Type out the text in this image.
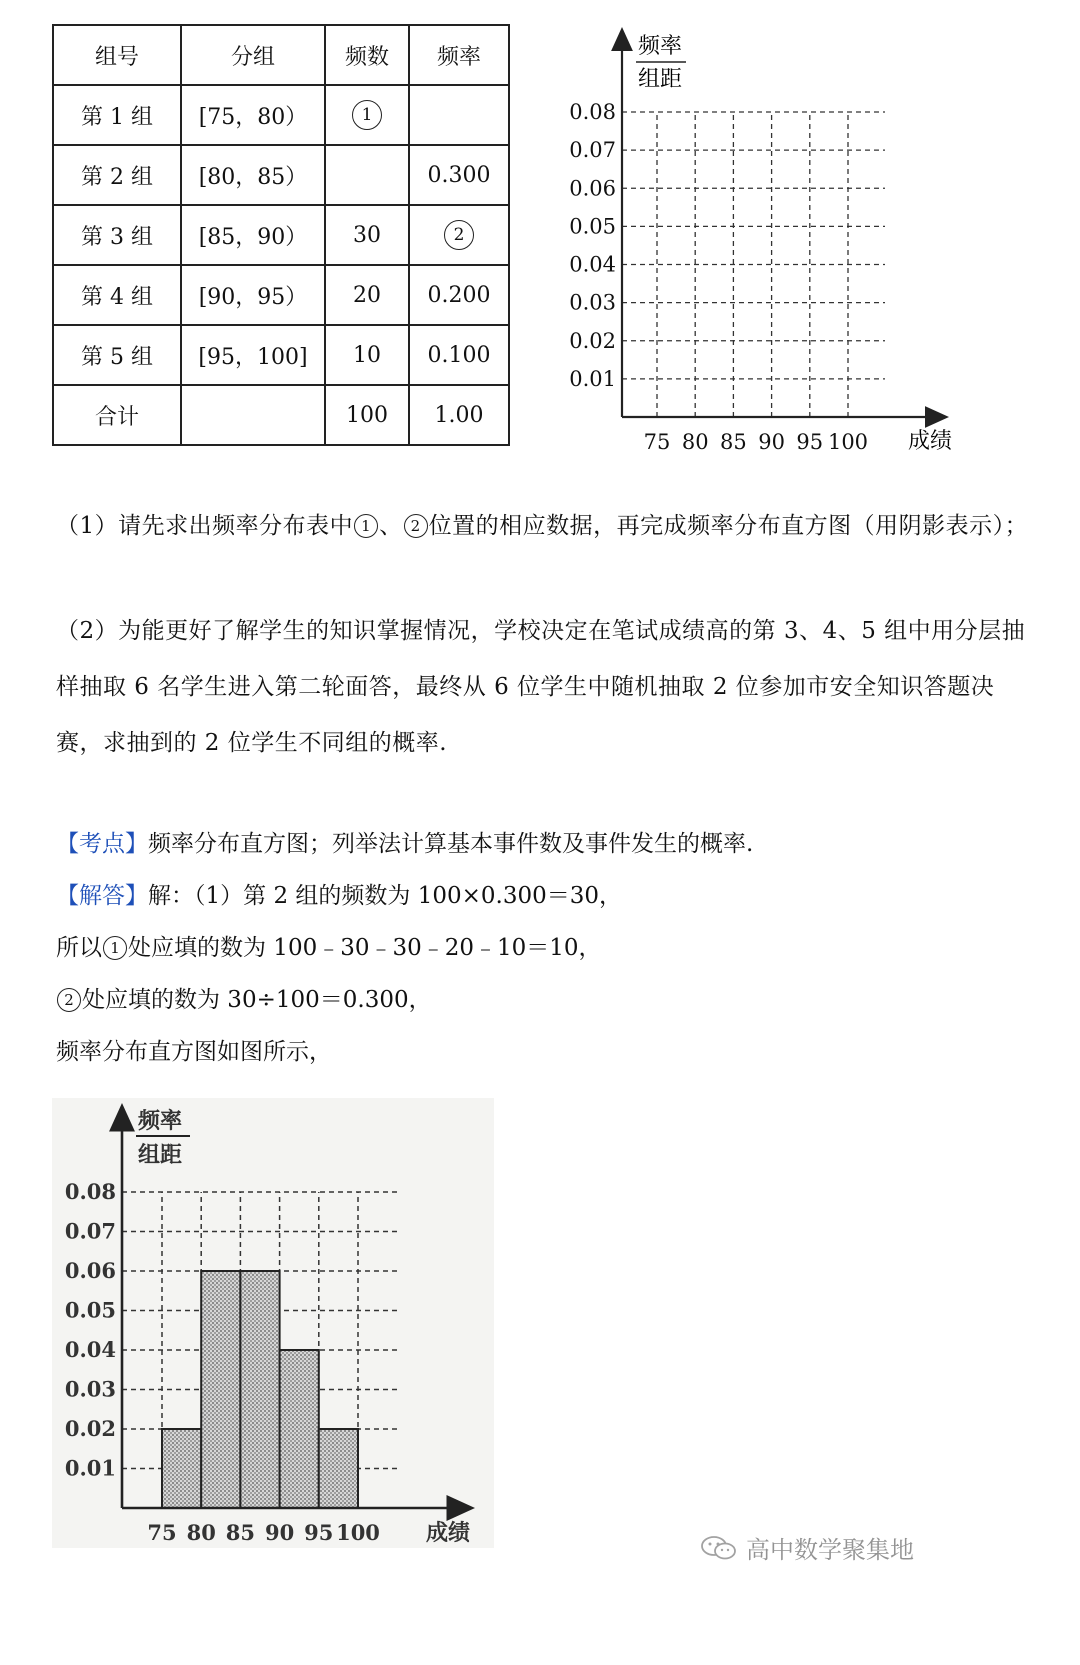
组号	分组	频数	频率
第 1 组	[75，80）	1	
第 2 组	[80，85）		0.300
第 3 组	[85，90）	30	2
第 4 组	[90，95）	20	0.200
第 5 组	[95，100]	10	0.100
合计		100	1.00
0.08
0.07
0.06
0.05
0.04
0.03
0.02
0.01
75 80 85 90 95 100
频率
组距
成绩
（1）请先求出频率分布表中 1 、 2 位置的相应数据，再完成频率分布直方图（用阴影表示）；
（2）为能更好了解学生的知识掌握情况，学校决定在笔试成绩高的第 3、4、5 组中用分层抽样抽取 6 名学生进入第二轮面答，最终从 6 位学生中随机抽取 2 位参加市安全知识答题决赛，求抽到的 2 位学生不同组的概率.
【考点】频率分布直方图；列举法计算基本事件数及事件发生的概率.
【解答】解：（1）第 2 组的频数为 100×0.300＝30，
所以 1 处应填的数为 100﹣30﹣30﹣20﹣10＝10，
2 处应填的数为 30÷100＝0.300，
频率分布直方图如图所示，
0.08
0.07
0.06
0.05
0.04
0.03
0.02
0.01
75 80 85 90 95 100
频率
组距
成绩
高中数学聚集地
